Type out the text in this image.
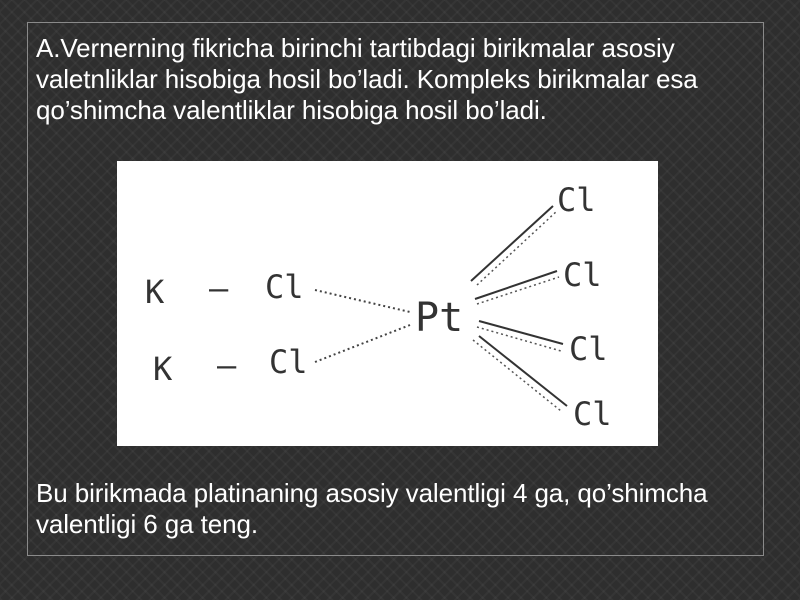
A.Vernerning fikricha birinchi tartibdagi birikmalar asosiy valetnliklar hisobiga hosil bo’ladi. Kompleks birikmalar esa qo’shimcha valentliklar hisobiga hosil bo’ladi.

K – Cl
K – Cl
Pt
Cl
Cl
Cl
Cl

Bu birikmada platinaning asosiy valentligi 4 ga, qo’shimcha valentligi 6 ga teng.
